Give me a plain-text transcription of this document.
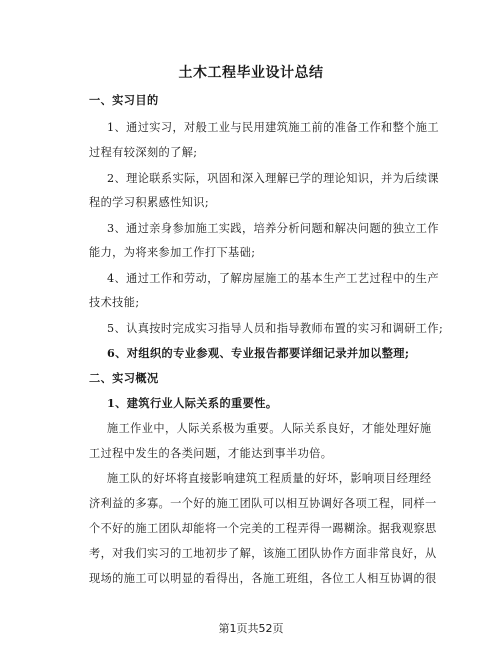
土木工程毕业设计总结
一、实习目的
1、通过实习，对般工业与民用建筑施工前的准备工作和整个施工
过程有较深刻的了解;
2、理论联系实际，巩固和深入理解已学的理论知识，并为后续课
程的学习积累感性知识;
3、通过亲身参加施工实践，培养分析问题和解决问题的独立工作
能力，为将来参加工作打下基础;
4、通过工作和劳动，了解房屋施工的基本生产工艺过程中的生产
技术技能;
5、认真按时完成实习指导人员和指导教师布置的实习和调研工作;
6、对组织的专业参观、专业报告都要详细记录并加以整理;
二、实习概况
1、建筑行业人际关系的重要性。
施工作业中，人际关系极为重要。人际关系良好，才能处理好施
工过程中发生的各类问题，才能达到事半功倍。
施工队的好坏将直接影响建筑工程质量的好坏，影响项目经理经
济利益的多寡。一个好的施工团队可以相互协调好各项工程，同样一
个不好的施工团队却能将一个完美的工程弄得一踢糊涂。据我观察思
考，对我们实习的工地初步了解，该施工团队协作方面非常良好，从
现场的施工可以明显的看得出，各施工班组，各位工人相互协调的很
第1页共52页
